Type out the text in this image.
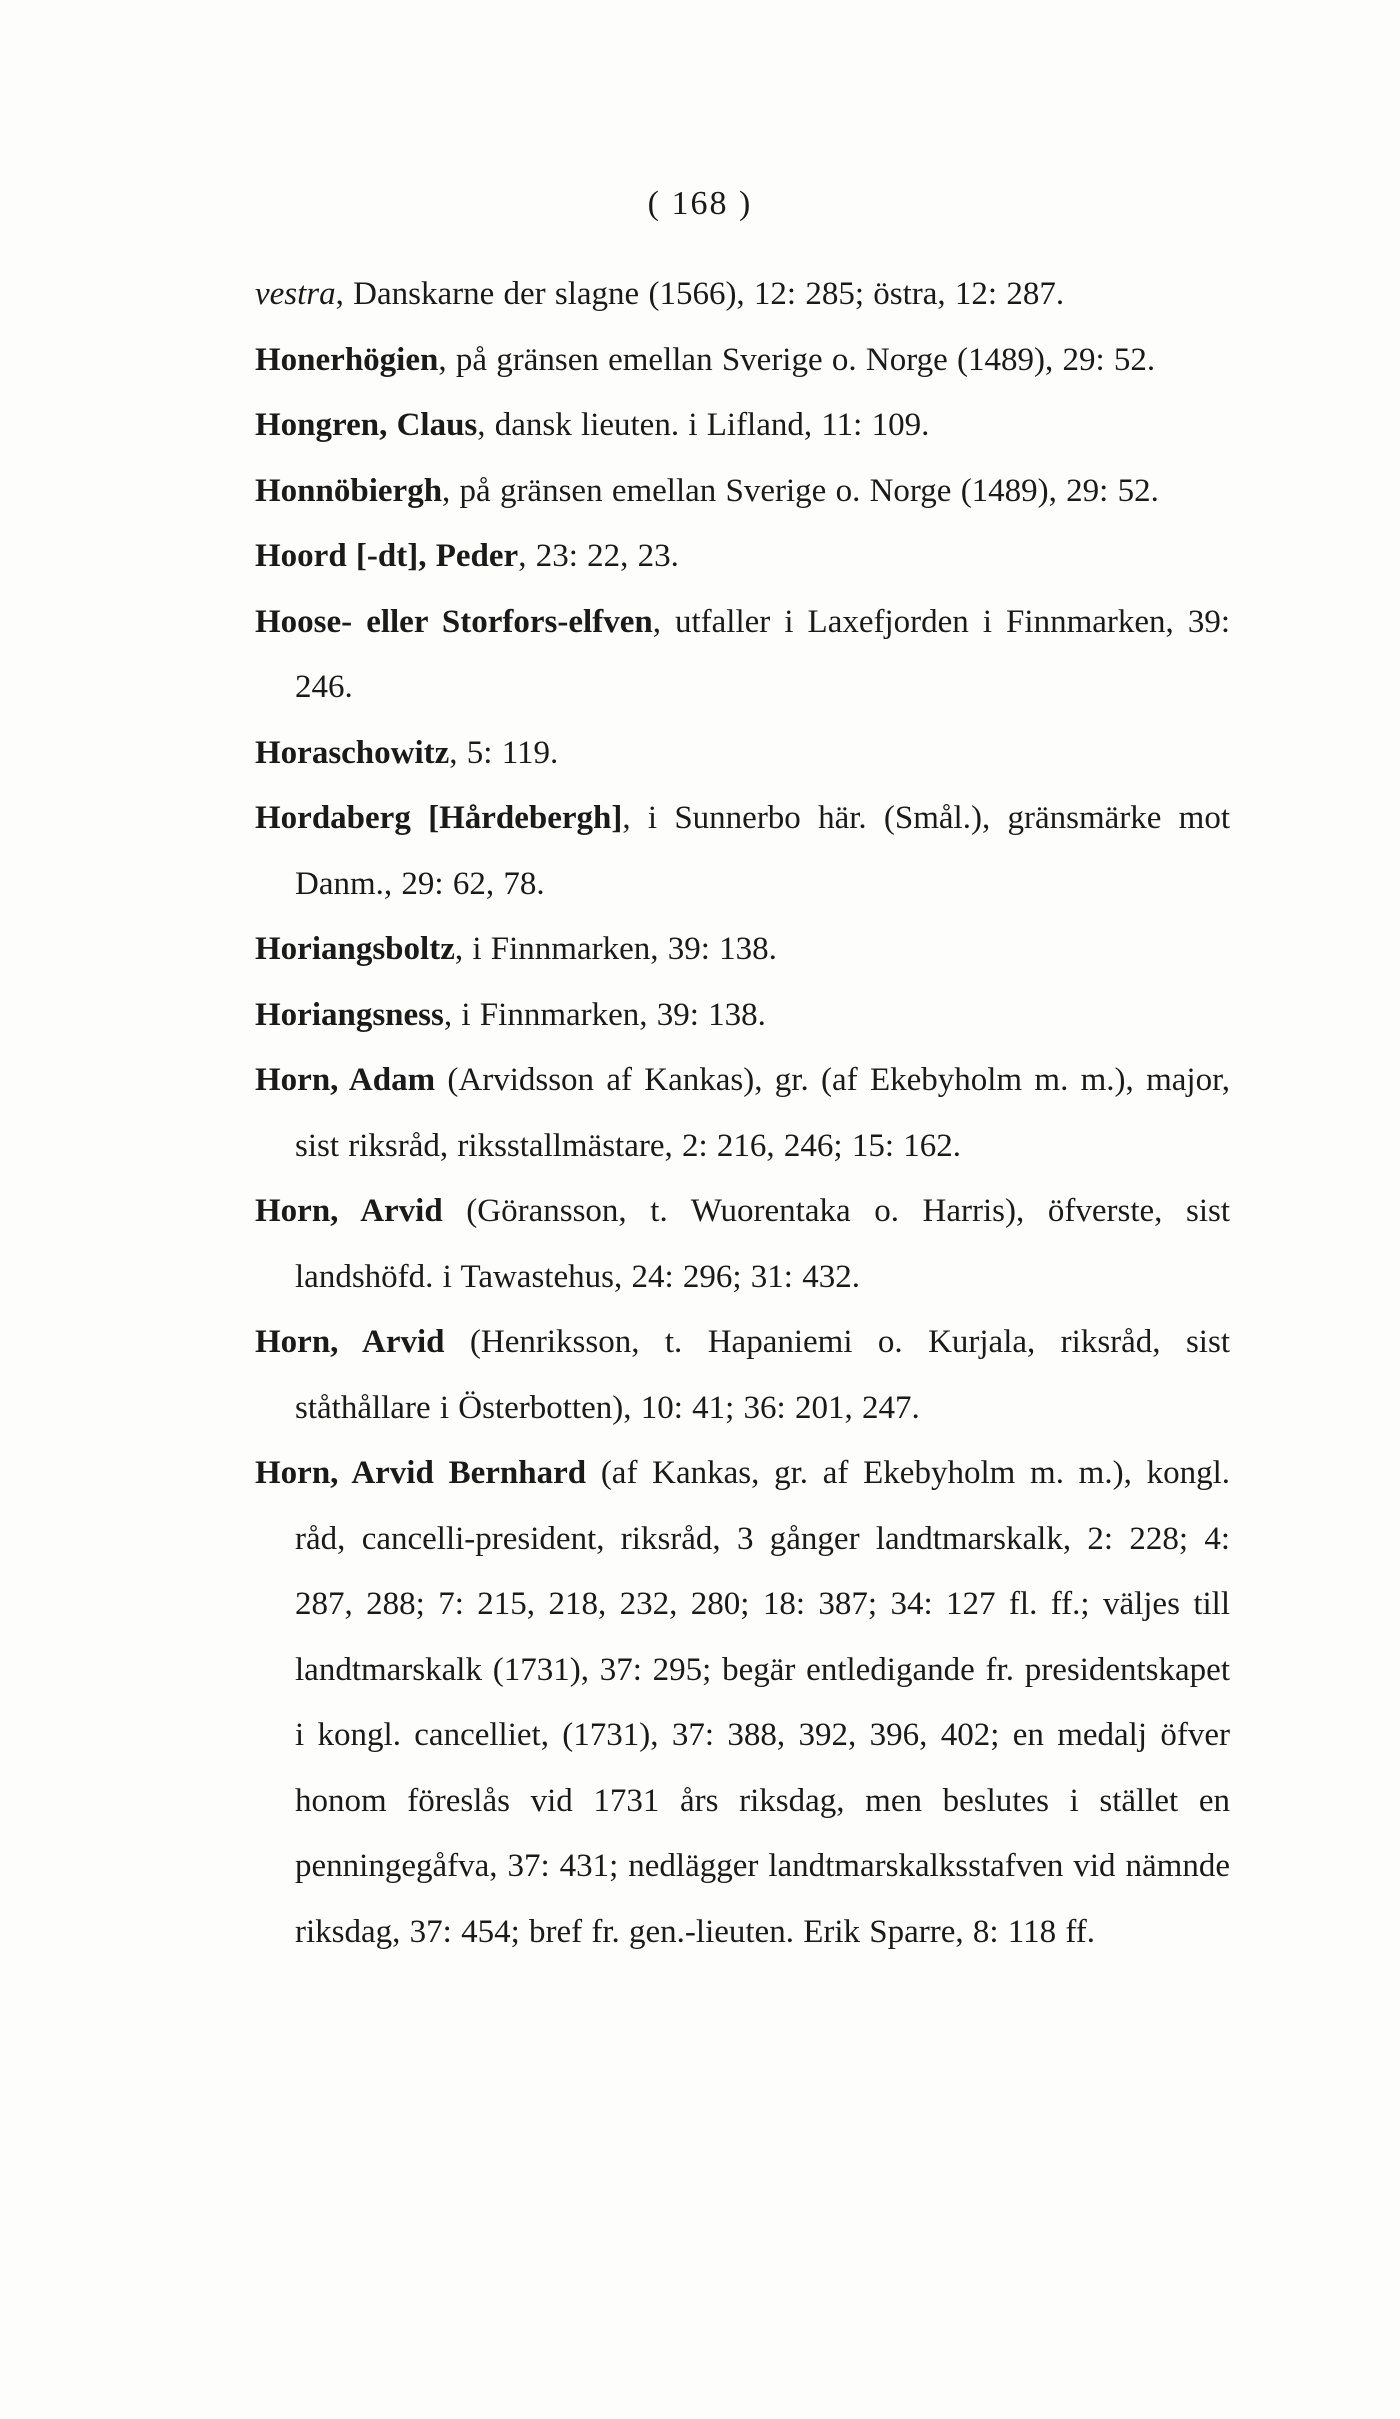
( 168 )

vestra, Danskarne der slagne (1566), 12: 285; östra, 12: 287.

Honerhögien, på gränsen emellan Sverige o. Norge (1489), 29: 52.

Hongren, Claus, dansk lieuten. i Lifland, 11: 109.

Honnöbiergh, på gränsen emellan Sverige o. Norge (1489), 29: 52.

Hoord [-dt], Peder, 23: 22, 23.

Hoose- eller Storfors-elfven, utfaller i Laxefjorden i Finnmarken, 39: 246.

Horaschowitz, 5: 119.

Hordaberg [Hårdebergh], i Sunnerbo här. (Smål.), gränsmärke mot Danm., 29: 62, 78.

Horiangsboltz, i Finnmarken, 39: 138.

Horiangsness, i Finnmarken, 39: 138.

Horn, Adam (Arvidsson af Kankas), gr. (af Ekebyholm m. m.), major, sist riksråd, riksstallmästare, 2: 216, 246; 15: 162.

Horn, Arvid (Göransson, t. Wuorentaka o. Harris), öfverste, sist landshöfd. i Tawastehus, 24: 296; 31: 432.

Horn, Arvid (Henriksson, t. Hapaniemi o. Kurjala, riksråd, sist ståthållare i Österbotten), 10: 41; 36: 201, 247.

Horn, Arvid Bernhard (af Kankas, gr. af Ekebyholm m. m.), kongl. råd, cancelli-president, riksråd, 3 gånger landtmarskalk, 2: 228; 4: 287, 288; 7: 215, 218, 232, 280; 18: 387; 34: 127 fl. ff.; väljes till landtmarskalk (1731), 37: 295; begär entledigande fr. presidentskapet i kongl. cancelliet, (1731), 37: 388, 392, 396, 402; en medalj öfver honom föreslås vid 1731 års riksdag, men beslutes i stället en penningegåfva, 37: 431; nedlägger landtmarskalksstafven vid nämnde riksdag, 37: 454; bref fr. gen.-lieuten. Erik Sparre, 8: 118 ff.
